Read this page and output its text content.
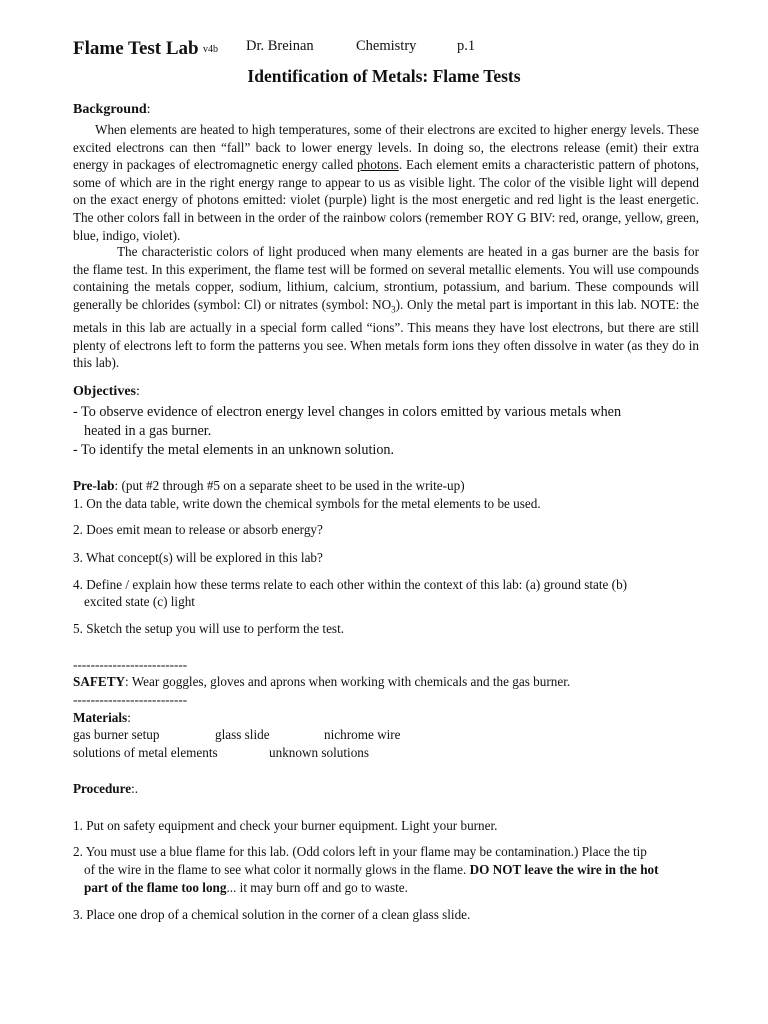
Flame Test Lab v4b Dr. Breinan	Chemistry	p.1
Identification of Metals: Flame Tests
Background:
When elements are heated to high temperatures, some of their electrons are excited to higher energy levels. These excited electrons can then “fall” back to lower energy levels. In doing so, the electrons release (emit) their extra energy in packages of electromagnetic energy called photons. Each element emits a characteristic pattern of photons, some of which are in the right energy range to appear to us as visible light. The color of the visible light will depend on the exact energy of photons emitted: violet (purple) light is the most energetic and red light is the least energetic. The other colors fall in between in the order of the rainbow colors (remember ROY G BIV: red, orange, yellow, green, blue, indigo, violet).
The characteristic colors of light produced when many elements are heated in a gas burner are the basis for the flame test. In this experiment, the flame test will be formed on several metallic elements. You will use compounds containing the metals copper, sodium, lithium, calcium, strontium, potassium, and barium. These compounds will generally be chlorides (symbol: Cl) or nitrates (symbol: $NO_3$). Only the metal part is important in this lab. NOTE: the metals in this lab are actually in a special form called “ions”. This means they have lost electrons, but there are still plenty of electrons left to form the patterns you see. When metals form ions they often dissolve in water (as they do in this lab).
Objectives:
- To observe evidence of electron energy level changes in colors emitted by various metals when
heated in a gas burner.
- To identify the metal elements in an unknown solution.
Pre-lab: (put #2 through #5 on a separate sheet to be used in the write-up)
1. On the data table, write down the chemical symbols for the metal elements to be used.
2. Does emit mean to release or absorb energy?
3. What concept(s) will be explored in this lab?
4. Define / explain how these terms relate to each other within the context of this lab: (a) ground state (b)
excited state (c) light
5. Sketch the setup you will use to perform the test.
--------------------------
SAFETY: Wear goggles, gloves and aprons when working with chemicals and the gas burner.
--------------------------
Materials:
gas burner setup	glass slide	nichrome wire
solutions of metal elements	unknown solutions
Procedure:.
1. Put on safety equipment and check your burner equipment. Light your burner.
2. You must use a blue flame for this lab. (Odd colors left in your flame may be contamination.) Place the tip
of the wire in the flame to see what color it normally glows in the flame. DO NOT leave the wire in the hot
part of the flame too long... it may burn off and go to waste.
3. Place one drop of a chemical solution in the corner of a clean glass slide.
